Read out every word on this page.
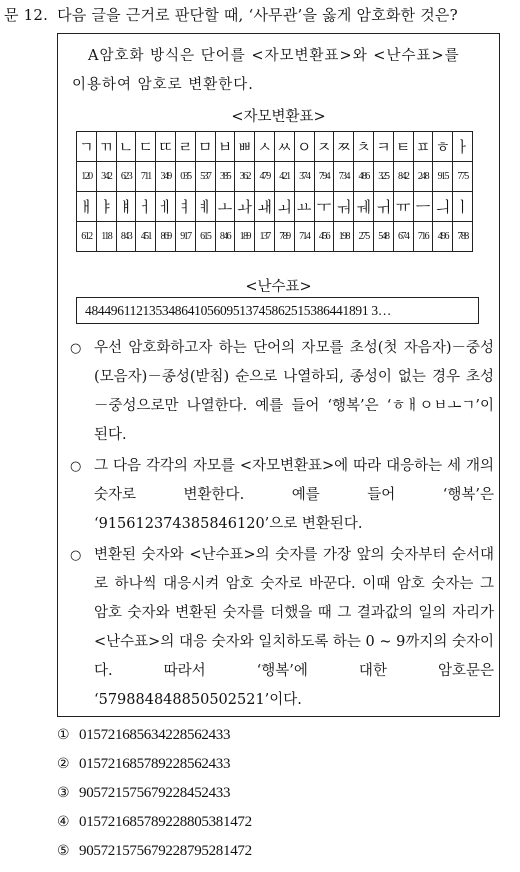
문 12. 다음 글을 근거로 판단할 때, ‘사무관’을 옳게 암호화한 것은?
A암호화 방식은 단어를 <자모변환표>와 <난수표>를
이용하여 암호로 변환한다.
<자모변환표>
ㄱ	ㄲ	ㄴ	ㄷ	ㄸ	ㄹ	ㅁ	ㅂ	ㅃ	ㅅ	ㅆ	ㅇ	ㅈ	ㅉ	ㅊ	ㅋ	ㅌ	ㅍ	ㅎ	ㅏ
120	342	623	711	349	035	537	385	362	479	421	374	794	734	486	325	842	248	915	775
ㅐ	ㅑ	ㅒ	ㅓ	ㅔ	ㅕ	ㅖ	ㅗ	ㅘ	ㅙ	ㅚ	ㅛ	ㅜ	ㅝ	ㅞ	ㅟ	ㅠ	ㅡ	ㅢ	ㅣ
612	118	843	451	869	917	615	846	189	137	789	714	456	198	275	548	674	716	496	788
<난수표>
48449611213534864105609513745862515386441891 3…
○ 우선 암호화하고자 하는 단어의 자모를 초성(첫 자음자)－중성(모음자)－종성(받침) 순으로 나열하되, 종성이 없는 경우 초성－중성으로만 나열한다. 예를 들어 ‘행복’은 ‘ㅎㅐㅇㅂㅗㄱ’이 된다.
○ 그 다음 각각의 자모를 <자모변환표>에 따라 대응하는 세 개의 숫자로 변환한다. 예를 들어 ‘행복’은 ‘915612374385846120’으로 변환된다.
○ 변환된 숫자와 <난수표>의 숫자를 가장 앞의 숫자부터 순서대로 하나씩 대응시켜 암호 숫자로 바꾼다. 이때 암호 숫자는 그 암호 숫자와 변환된 숫자를 더했을 때 그 결과값의 일의 자리가 <난수표>의 대응 숫자와 일치하도록 하는 0 ~ 9까지의 숫자이다. 따라서 ‘행복’에 대한 암호문은 ‘579884848850502521’이다.
① 015721685634228562433
② 015721685789228562433
③ 905721575679228452433
④ 015721685789228805381472
⑤ 905721575679228795281472
